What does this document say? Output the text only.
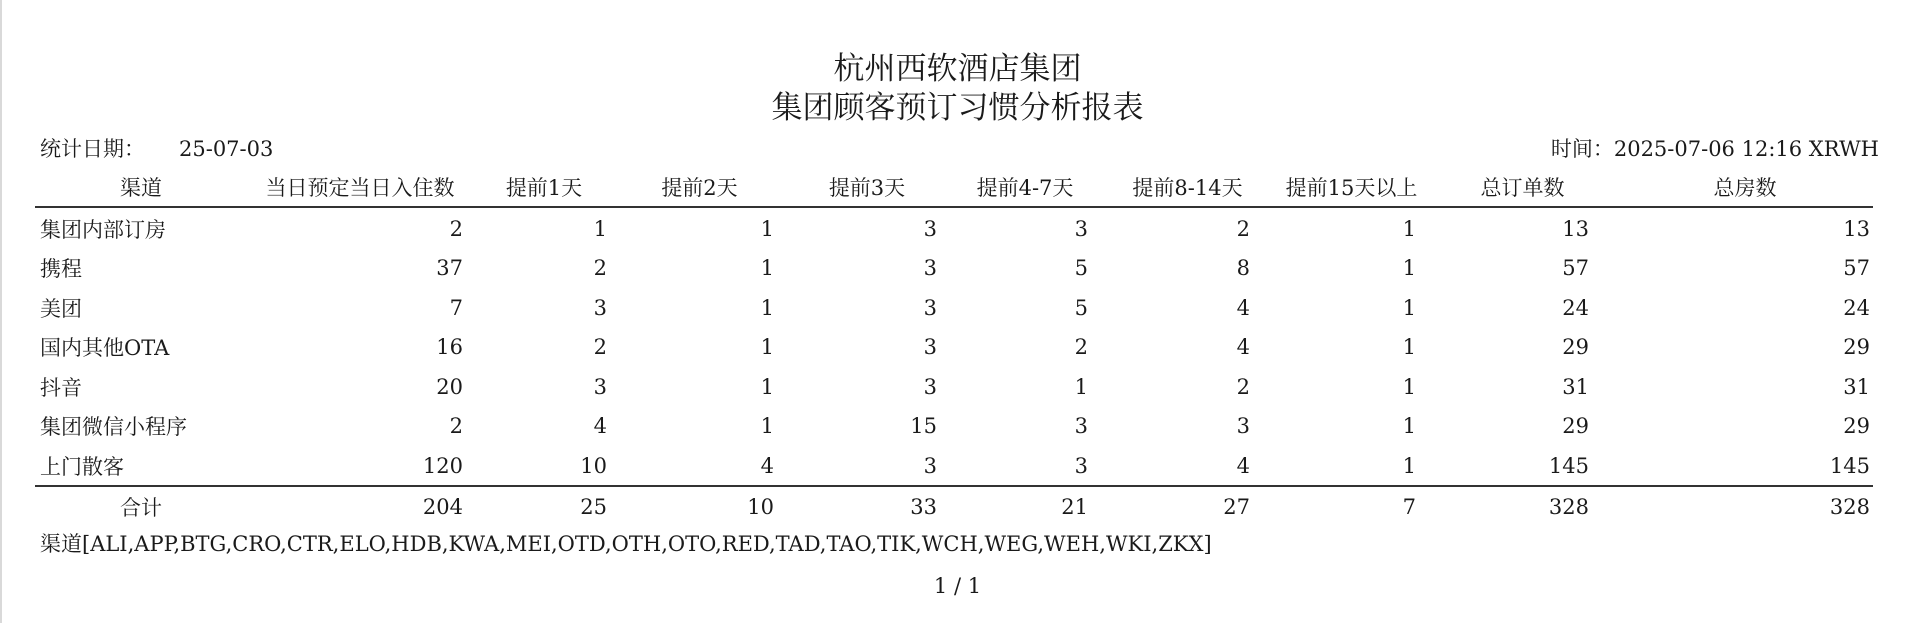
杭州西软酒店集团
集团顾客预订习惯分析报表
统计日期： 25-07-03	时间：2025-07-06 12:16 XRWH
渠道	当日预定当日入住数	提前1天	提前2天	提前3天	提前4-7天	提前8-14天	提前15天以上	总订单数	总房数

集团内部订房	2	1	1	3	3	2	1	13	13
携程	37	2	1	3	5	8	1	57	57
美团	7	3	1	3	5	4	1	24	24
国内其他OTA	16	2	1	3	2	4	1	29	29
抖音	20	3	1	3	1	2	1	31	31
集团微信小程序	2	4	1	15	3	3	1	29	29
上门散客	120	10	4	3	3	4	1	145	145
合计	204	25	10	33	21	27	7	328	328
渠道[ALI,APP,BTG,CRO,CTR,ELO,HDB,KWA,MEI,OTD,OTH,OTO,RED,TAD,TAO,TIK,WCH,WEG,WEH,WKI,ZKX]
1 / 1
